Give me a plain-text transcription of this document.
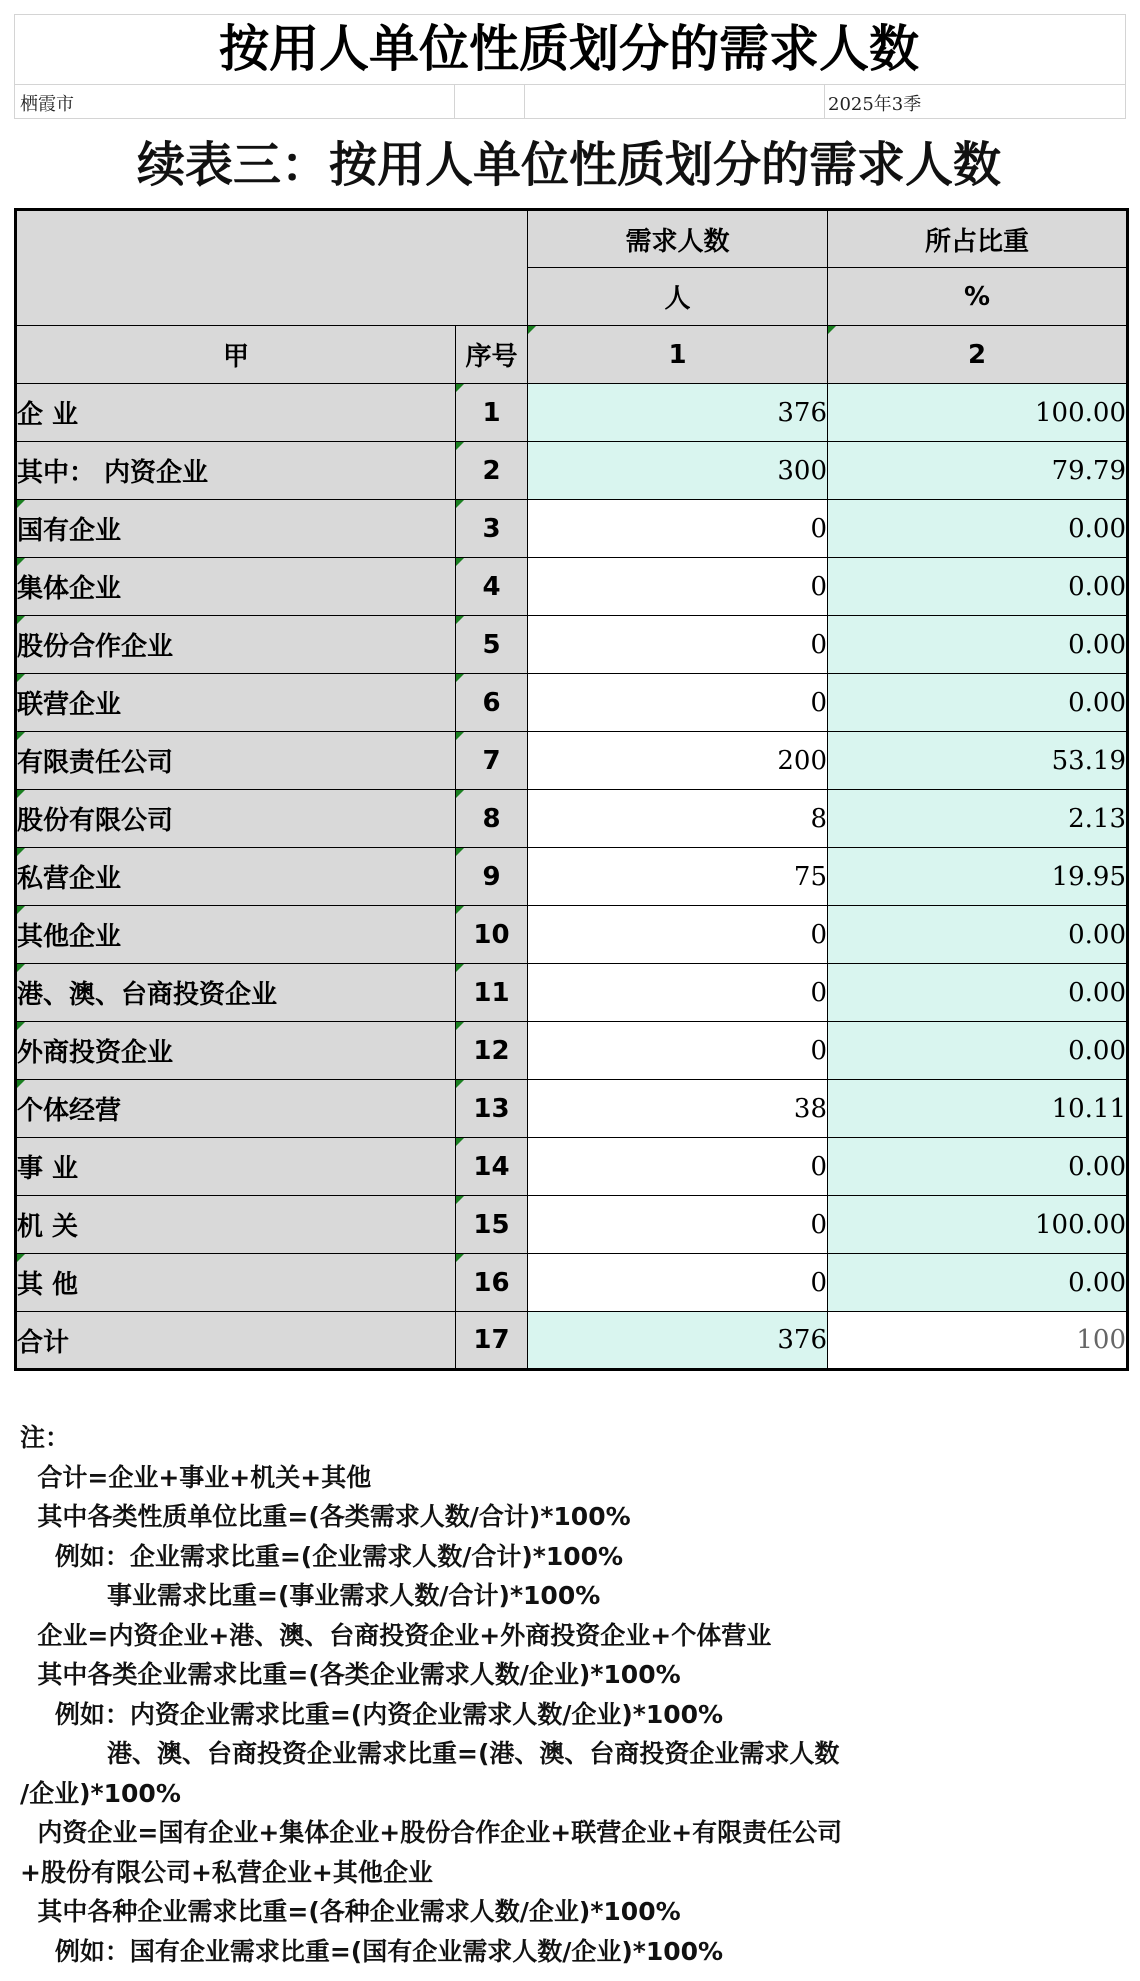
按用人单位性质划分的需求人数
栖霞市	2025年3季
续表三：按用人单位性质划分的需求人数
		需求人数	所占比重
		人	%
甲	序号	1	2
企 业	1	376	100.00
其中： 内资企业	2	300	79.79
国有企业	3	0	0.00
集体企业	4	0	0.00
股份合作企业	5	0	0.00
联营企业	6	0	0.00
有限责任公司	7	200	53.19
股份有限公司	8	8	2.13
私营企业	9	75	19.95
其他企业	10	0	0.00
港、澳、台商投资企业	11	0	0.00
外商投资企业	12	0	0.00
个体经营	13	38	10.11
事 业	14	0	0.00
机 关	15	0	100.00
其 他	16	0	0.00
合计	17	376	100
注：
合计=企业+事业+机关+其他
其中各类性质单位比重=(各类需求人数/合计)*100%
例如：企业需求比重=(企业需求人数/合计)*100%
事业需求比重=(事业需求人数/合计)*100%
企业=内资企业+港、澳、台商投资企业+外商投资企业+个体营业
其中各类企业需求比重=(各类企业需求人数/企业)*100%
例如：内资企业需求比重=(内资企业需求人数/企业)*100%
港、澳、台商投资企业需求比重=(港、澳、台商投资企业需求人数
/企业)*100%
内资企业=国有企业+集体企业+股份合作企业+联营企业+有限责任公司
+股份有限公司+私营企业+其他企业
其中各种企业需求比重=(各种企业需求人数/企业)*100%
例如：国有企业需求比重=(国有企业需求人数/企业)*100%
